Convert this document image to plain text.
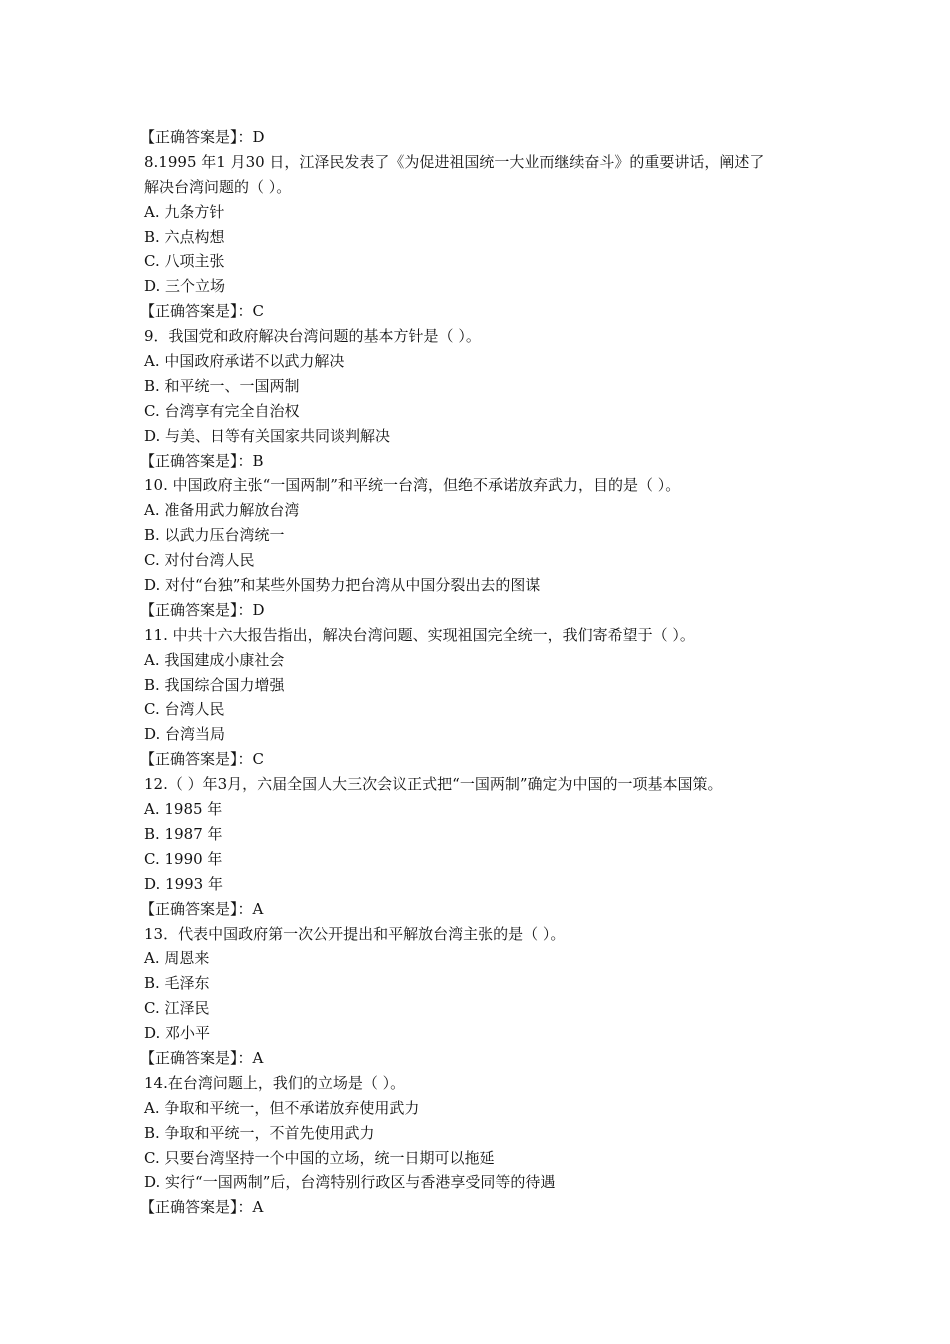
【正确答案是】：D
8.1995 年1 月30 日，江泽民发表了《为促进祖国统一大业而继续奋斗》的重要讲话，阐述了
解决台湾问题的（ ）。
A. 九条方针
B. 六点构想
C. 八项主张
D. 三个立场
【正确答案是】：C
9．我国党和政府解决台湾问题的基本方针是（ ）。
A. 中国政府承诺不以武力解决
B. 和平统一、一国两制
C. 台湾享有完全自治权
D. 与美、日等有关国家共同谈判解决
【正确答案是】：B
10. 中国政府主张“一国两制”和平统一台湾，但绝不承诺放弃武力，目的是（ ）。
A. 准备用武力解放台湾
B. 以武力压台湾统一
C. 对付台湾人民
D. 对付“台独”和某些外国势力把台湾从中国分裂出去的图谋
【正确答案是】：D
11. 中共十六大报告指出，解决台湾问题、实现祖国完全统一，我们寄希望于（ ）。
A. 我国建成小康社会
B. 我国综合国力增强
C. 台湾人民
D. 台湾当局
【正确答案是】：C
12.（ ）年3月，六届全国人大三次会议正式把“一国两制”确定为中国的一项基本国策。
A. 1985 年
B. 1987 年
C. 1990 年
D. 1993 年
【正确答案是】：A
13．代表中国政府第一次公开提出和平解放台湾主张的是（ ）。
A. 周恩来
B. 毛泽东
C. 江泽民
D. 邓小平
【正确答案是】：A
14.在台湾问题上，我们的立场是（ ）。
A. 争取和平统一，但不承诺放弃使用武力
B. 争取和平统一，不首先使用武力
C. 只要台湾坚持一个中国的立场，统一日期可以拖延
D. 实行“一国两制”后，台湾特别行政区与香港享受同等的待遇
【正确答案是】：A
